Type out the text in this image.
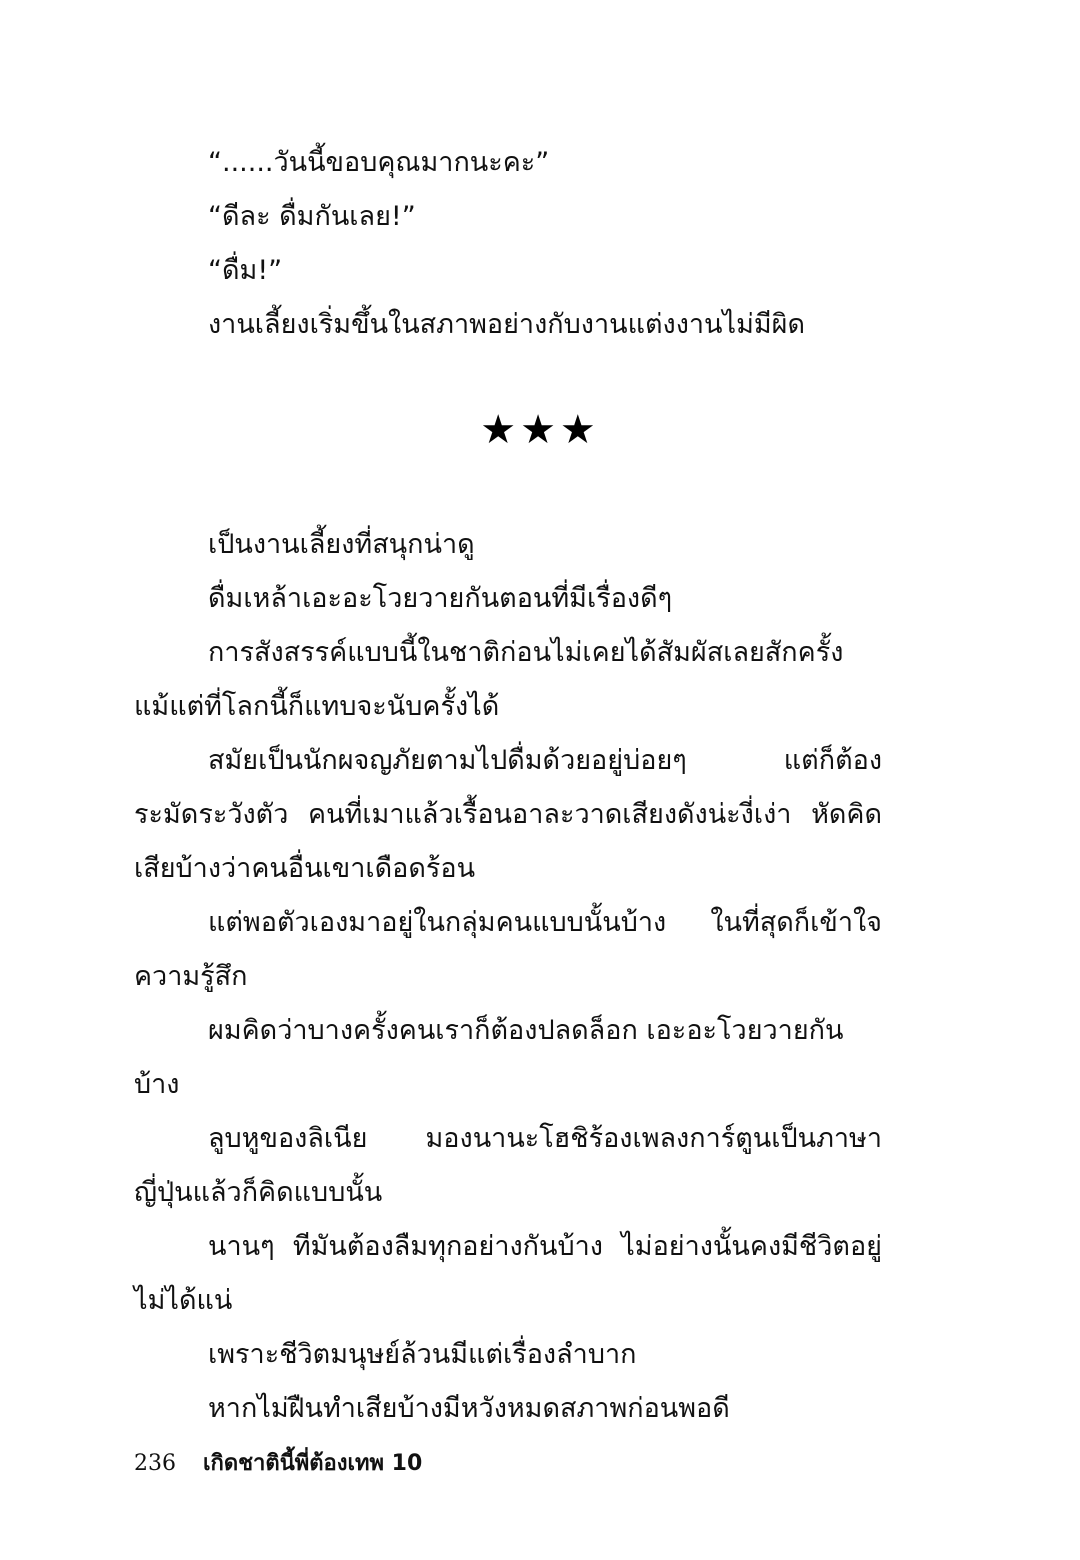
“......วันนี้ขอบคุณมากนะคะ”

“ดีละ ดื่มกันเลย!”

“ดื่ม!”

งานเลี้ยงเริ่มขึ้นในสภาพอย่างกับงานแต่งงานไม่มีผิด

★★★

เป็นงานเลี้ยงที่สนุกน่าดู

ดื่มเหล้าเอะอะโวยวายกันตอนที่มีเรื่องดีๆ

การสังสรรค์แบบนี้ในชาติก่อนไม่เคยได้สัมผัสเลยสักครั้ง แม้แต่ที่โลกนี้ก็แทบจะนับครั้งได้

สมัยเป็นนักผจญภัยตามไปดื่มด้วยอยู่บ่อยๆ แต่ก็ต้องระมัดระวังตัว คนที่เมาแล้วเรื้อนอาละวาดเสียงดังน่ะงี่เง่า หัดคิดเสียบ้างว่าคนอื่นเขาเดือดร้อน

แต่พอตัวเองมาอยู่ในกลุ่มคนแบบนั้นบ้าง ในที่สุดก็เข้าใจความรู้สึก

ผมคิดว่าบางครั้งคนเราก็ต้องปลดล็อก เอะอะโวยวายกันบ้าง

ลูบหูของลิเนีย มองนานะโฮชิร้องเพลงการ์ตูนเป็นภาษาญี่ปุ่นแล้วก็คิดแบบนั้น

นานๆ ทีมันต้องลืมทุกอย่างกันบ้าง ไม่อย่างนั้นคงมีชีวิตอยู่ไม่ได้แน่

เพราะชีวิตมนุษย์ล้วนมีแต่เรื่องลำบาก

หากไม่ฝืนทำเสียบ้างมีหวังหมดสภาพก่อนพอดี

236 เกิดชาตินี้พี่ต้องเทพ 10
